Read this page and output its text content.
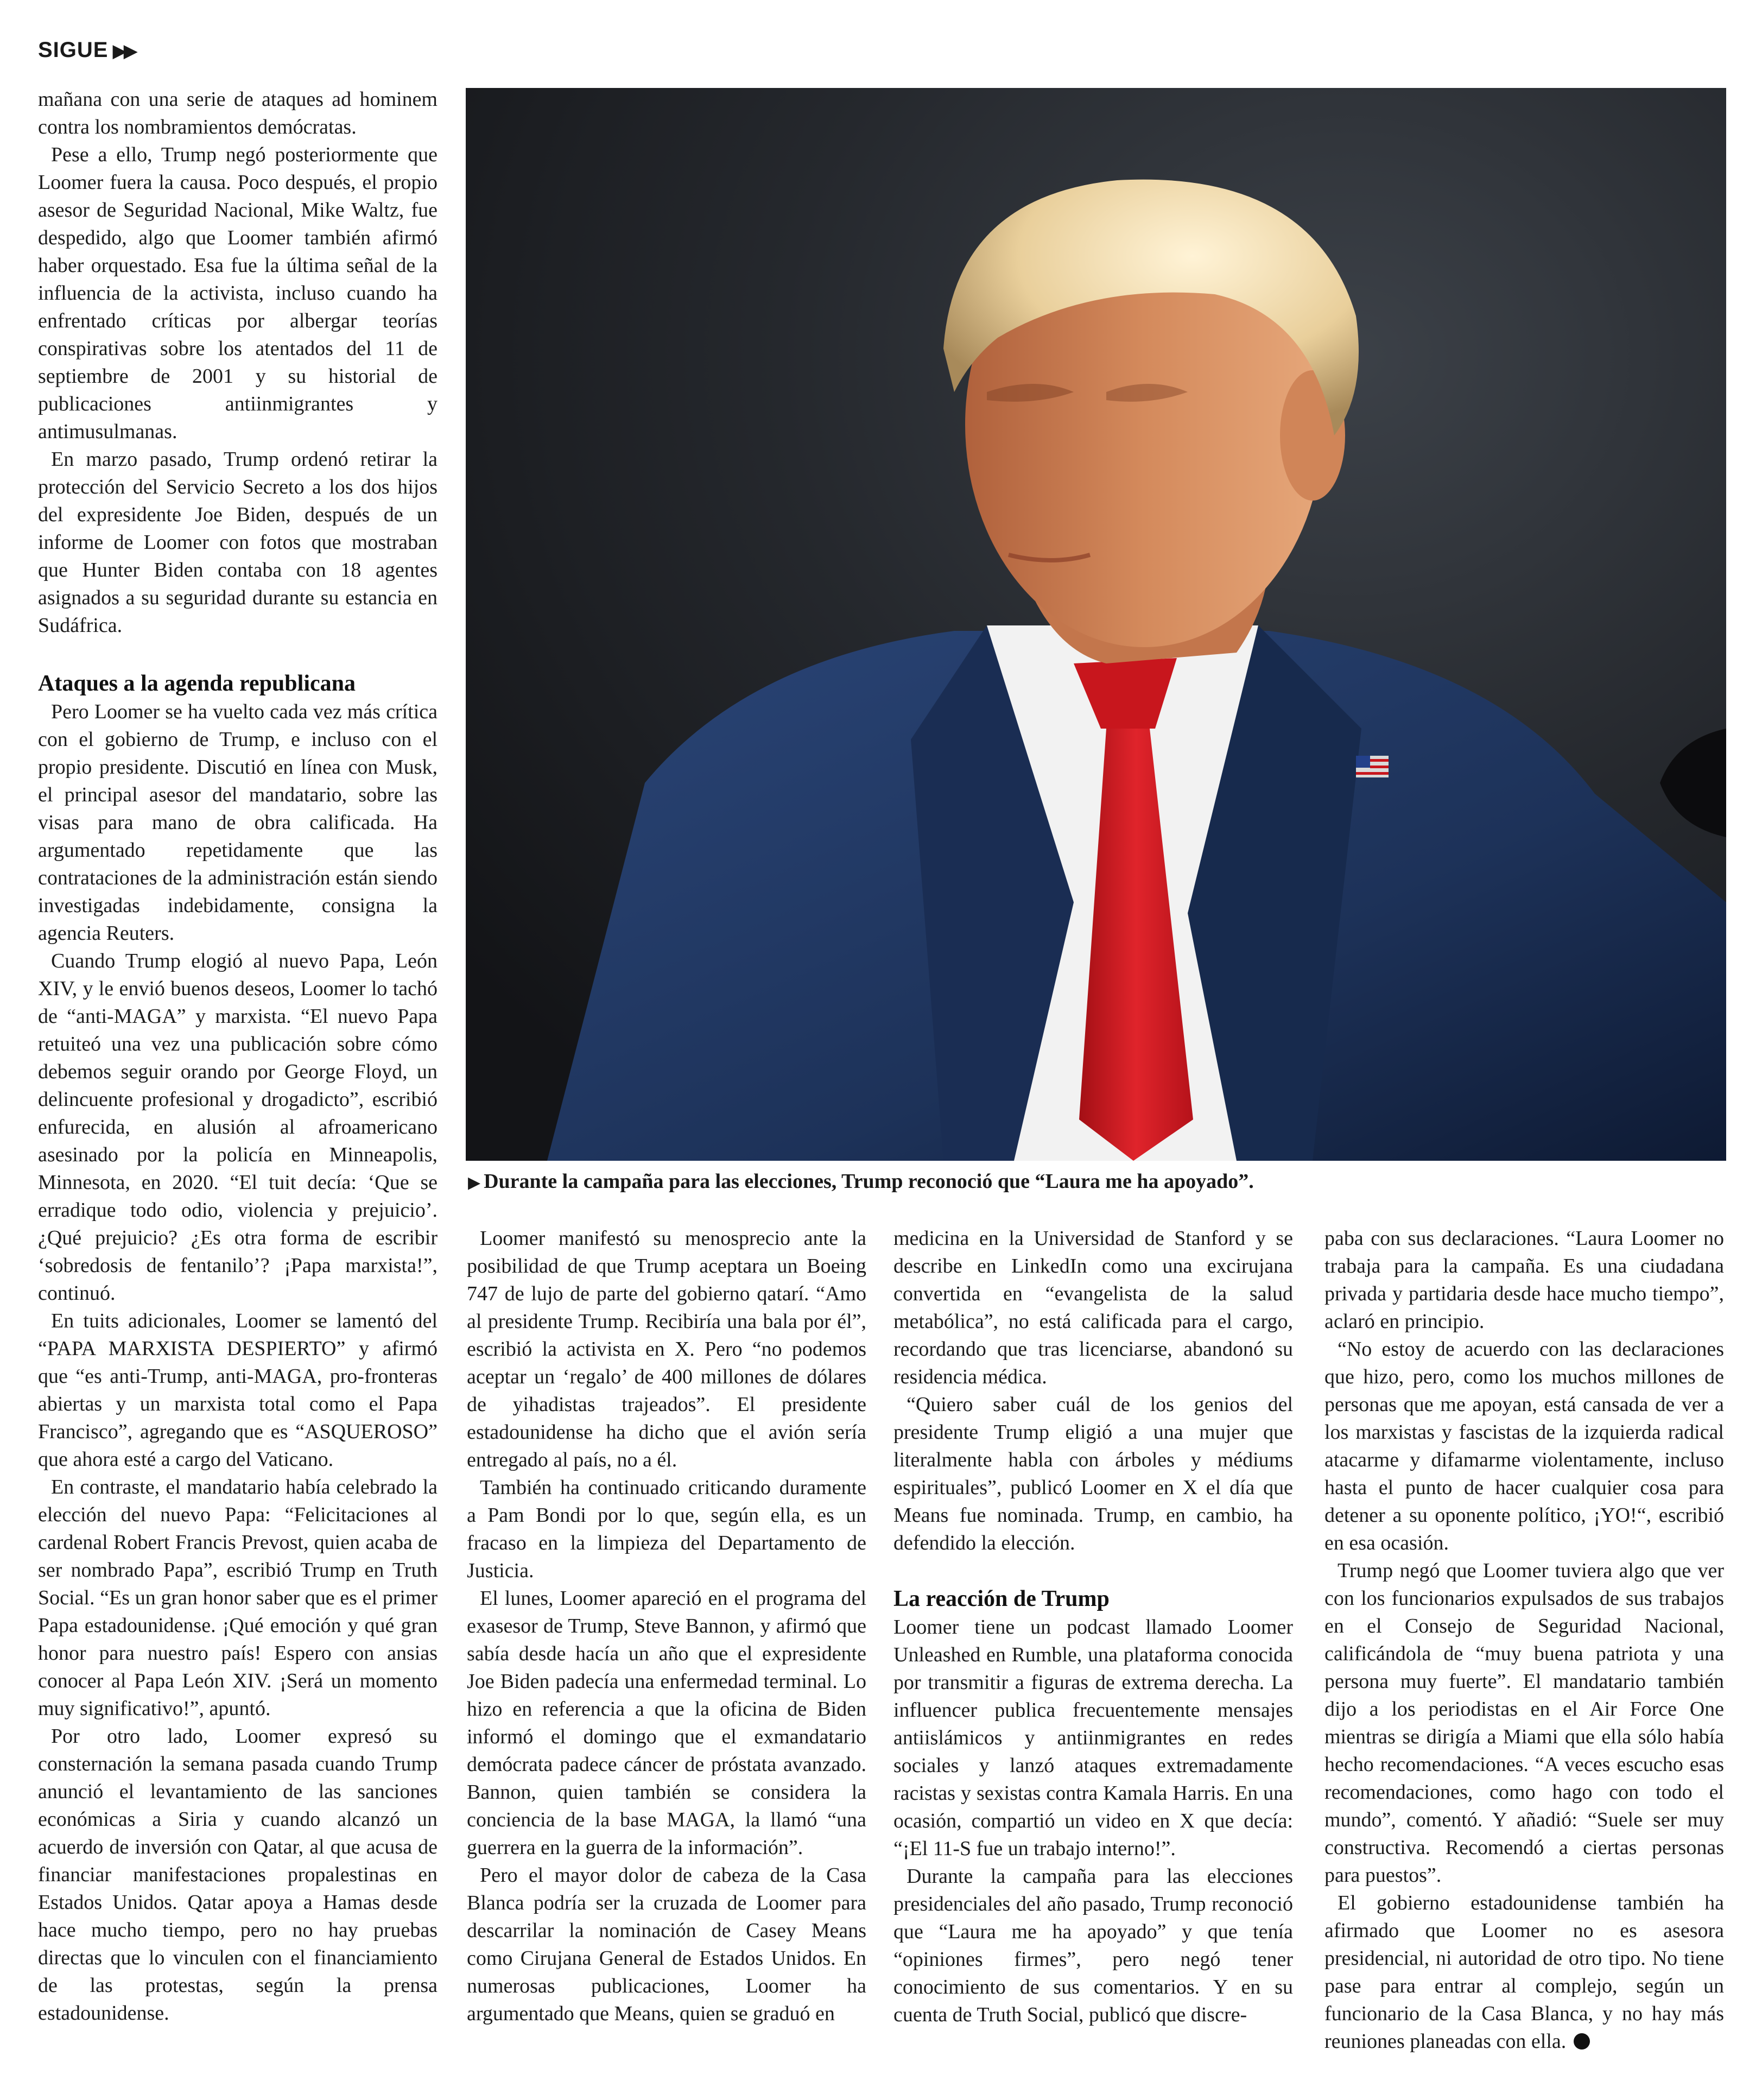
SIGUE ▶▶

mañana con una serie de ataques ad hominem contra los nombramientos demócratas.

Pese a ello, Trump negó posteriormente que Loomer fuera la causa. Poco después, el propio asesor de Seguridad Nacional, Mike Waltz, fue despedido, algo que Loomer también afirmó haber orquestado. Esa fue la última señal de la influencia de la activista, incluso cuando ha enfrentado críticas por albergar teorías conspirativas sobre los atentados del 11 de septiembre de 2001 y su historial de publicaciones antiinmigrantes y antimusulmanas.

En marzo pasado, Trump ordenó retirar la protección del Servicio Secreto a los dos hijos del expresidente Joe Biden, después de un informe de Loomer con fotos que mostraban que Hunter Biden contaba con 18 agentes asignados a su seguridad durante su estancia en Sudáfrica.

Ataques a la agenda republicana

Pero Loomer se ha vuelto cada vez más crítica con el gobierno de Trump, e incluso con el propio presidente. Discutió en línea con Musk, el principal asesor del mandatario, sobre las visas para mano de obra calificada. Ha argumentado repetidamente que las contrataciones de la administración están siendo investigadas indebidamente, consigna la agencia Reuters.

Cuando Trump elogió al nuevo Papa, León XIV, y le envió buenos deseos, Loomer lo tachó de “anti-MAGA” y marxista. “El nuevo Papa retuiteó una vez una publicación sobre cómo debemos seguir orando por George Floyd, un delincuente profesional y drogadicto”, escribió enfurecida, en alusión al afroamericano asesinado por la policía en Minneapolis, Minnesota, en 2020. “El tuit decía: ‘Que se erradique todo odio, violencia y prejuicio’. ¿Qué prejuicio? ¿Es otra forma de escribir ‘sobredosis de fentanilo’? ¡Papa marxista!”, continuó.

En tuits adicionales, Loomer se lamentó del “PAPA MARXISTA DESPIERTO” y afirmó que “es anti-Trump, anti-MAGA, pro-fronteras abiertas y un marxista total como el Papa Francisco”, agregando que es “ASQUEROSO” que ahora esté a cargo del Vaticano.

En contraste, el mandatario había celebrado la elección del nuevo Papa: “Felicitaciones al cardenal Robert Francis Prevost, quien acaba de ser nombrado Papa”, escribió Trump en Truth Social. “Es un gran honor saber que es el primer Papa estadounidense. ¡Qué emoción y qué gran honor para nuestro país! Espero con ansias conocer al Papa León XIV. ¡Será un momento muy significativo!”, apuntó.

Por otro lado, Loomer expresó su consternación la semana pasada cuando Trump anunció el levantamiento de las sanciones económicas a Siria y cuando alcanzó un acuerdo de inversión con Qatar, al que acusa de financiar manifestaciones propalestinas en Estados Unidos. Qatar apoya a Hamas desde hace mucho tiempo, pero no hay pruebas directas que lo vinculen con el financiamiento de las protestas, según la prensa estadounidense.

▶ Durante la campaña para las elecciones, Trump reconoció que “Laura me ha apoyado”.

Loomer manifestó su menosprecio ante la posibilidad de que Trump aceptara un Boeing 747 de lujo de parte del gobierno qatarí. “Amo al presidente Trump. Recibiría una bala por él”, escribió la activista en X. Pero “no podemos aceptar un ‘regalo’ de 400 millones de dólares de yihadistas trajeados”. El presidente estadounidense ha dicho que el avión sería entregado al país, no a él.

También ha continuado criticando duramente a Pam Bondi por lo que, según ella, es un fracaso en la limpieza del Departamento de Justicia.

El lunes, Loomer apareció en el programa del exasesor de Trump, Steve Bannon, y afirmó que sabía desde hacía un año que el expresidente Joe Biden padecía una enfermedad terminal. Lo hizo en referencia a que la oficina de Biden informó el domingo que el exmandatario demócrata padece cáncer de próstata avanzado. Bannon, quien también se considera la conciencia de la base MAGA, la llamó “una guerrera en la guerra de la información”.

Pero el mayor dolor de cabeza de la Casa Blanca podría ser la cruzada de Loomer para descarrilar la nominación de Casey Means como Cirujana General de Estados Unidos. En numerosas publicaciones, Loomer ha argumentado que Means, quien se graduó en

medicina en la Universidad de Stanford y se describe en LinkedIn como una excirujana convertida en “evangelista de la salud metabólica”, no está calificada para el cargo, recordando que tras licenciarse, abandonó su residencia médica.

“Quiero saber cuál de los genios del presidente Trump eligió a una mujer que literalmente habla con árboles y médiums espirituales”, publicó Loomer en X el día que Means fue nominada. Trump, en cambio, ha defendido la elección.

La reacción de Trump

Loomer tiene un podcast llamado Loomer Unleashed en Rumble, una plataforma conocida por transmitir a figuras de extrema derecha. La influencer publica frecuentemente mensajes antiislámicos y antiinmigrantes en redes sociales y lanzó ataques extremadamente racistas y sexistas contra Kamala Harris. En una ocasión, compartió un video en X que decía: “¡El 11-S fue un trabajo interno!”.

Durante la campaña para las elecciones presidenciales del año pasado, Trump reconoció que “Laura me ha apoyado” y que tenía “opiniones firmes”, pero negó tener conocimiento de sus comentarios. Y en su cuenta de Truth Social, publicó que discre-

paba con sus declaraciones. “Laura Loomer no trabaja para la campaña. Es una ciudadana privada y partidaria desde hace mucho tiempo”, aclaró en principio.

“No estoy de acuerdo con las declaraciones que hizo, pero, como los muchos millones de personas que me apoyan, está cansada de ver a los marxistas y fascistas de la izquierda radical atacarme y difamarme violentamente, incluso hasta el punto de hacer cualquier cosa para detener a su oponente político, ¡YO!“, escribió en esa ocasión.

Trump negó que Loomer tuviera algo que ver con los funcionarios expulsados de sus trabajos en el Consejo de Seguridad Nacional, calificándola de “muy buena patriota y una persona muy fuerte”. El mandatario también dijo a los periodistas en el Air Force One mientras se dirigía a Miami que ella sólo había hecho recomendaciones. “A veces escucho esas recomendaciones, como hago con todo el mundo”, comentó. Y añadió: “Suele ser muy constructiva. Recomendó a ciertas personas para puestos”.

El gobierno estadounidense también ha afirmado que Loomer no es asesora presidencial, ni autoridad de otro tipo. No tiene pase para entrar al complejo, según un funcionario de la Casa Blanca, y no hay más reuniones planeadas con ella.
